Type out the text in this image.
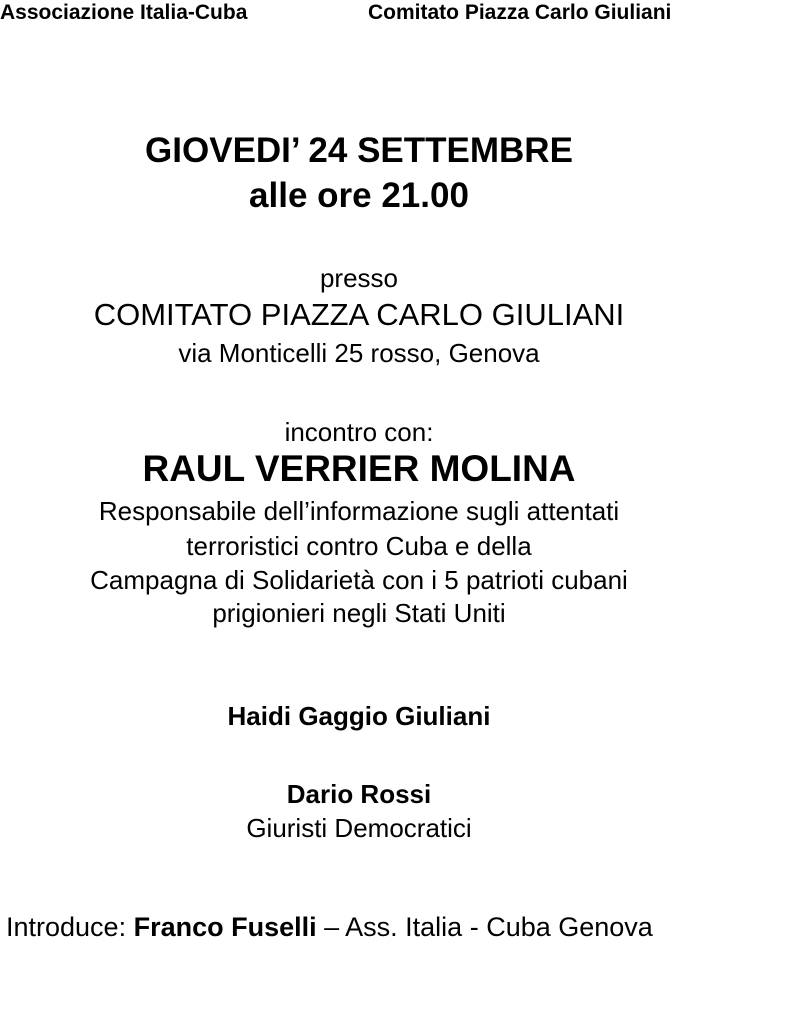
Associazione Italia-Cuba	Comitato Piazza Carlo Giuliani
GIOVEDI’ 24 SETTEMBRE
alle ore 21.00
presso
COMITATO PIAZZA CARLO GIULIANI
via Monticelli 25 rosso, Genova
incontro con:
RAUL VERRIER MOLINA
Responsabile dell’informazione sugli attentati
terroristici contro Cuba e della
Campagna di Solidarietà con i 5 patrioti cubani
prigionieri negli Stati Uniti
Haidi Gaggio Giuliani
Dario Rossi
Giuristi Democratici
Introduce: Franco Fuselli – Ass. Italia - Cuba Genova
